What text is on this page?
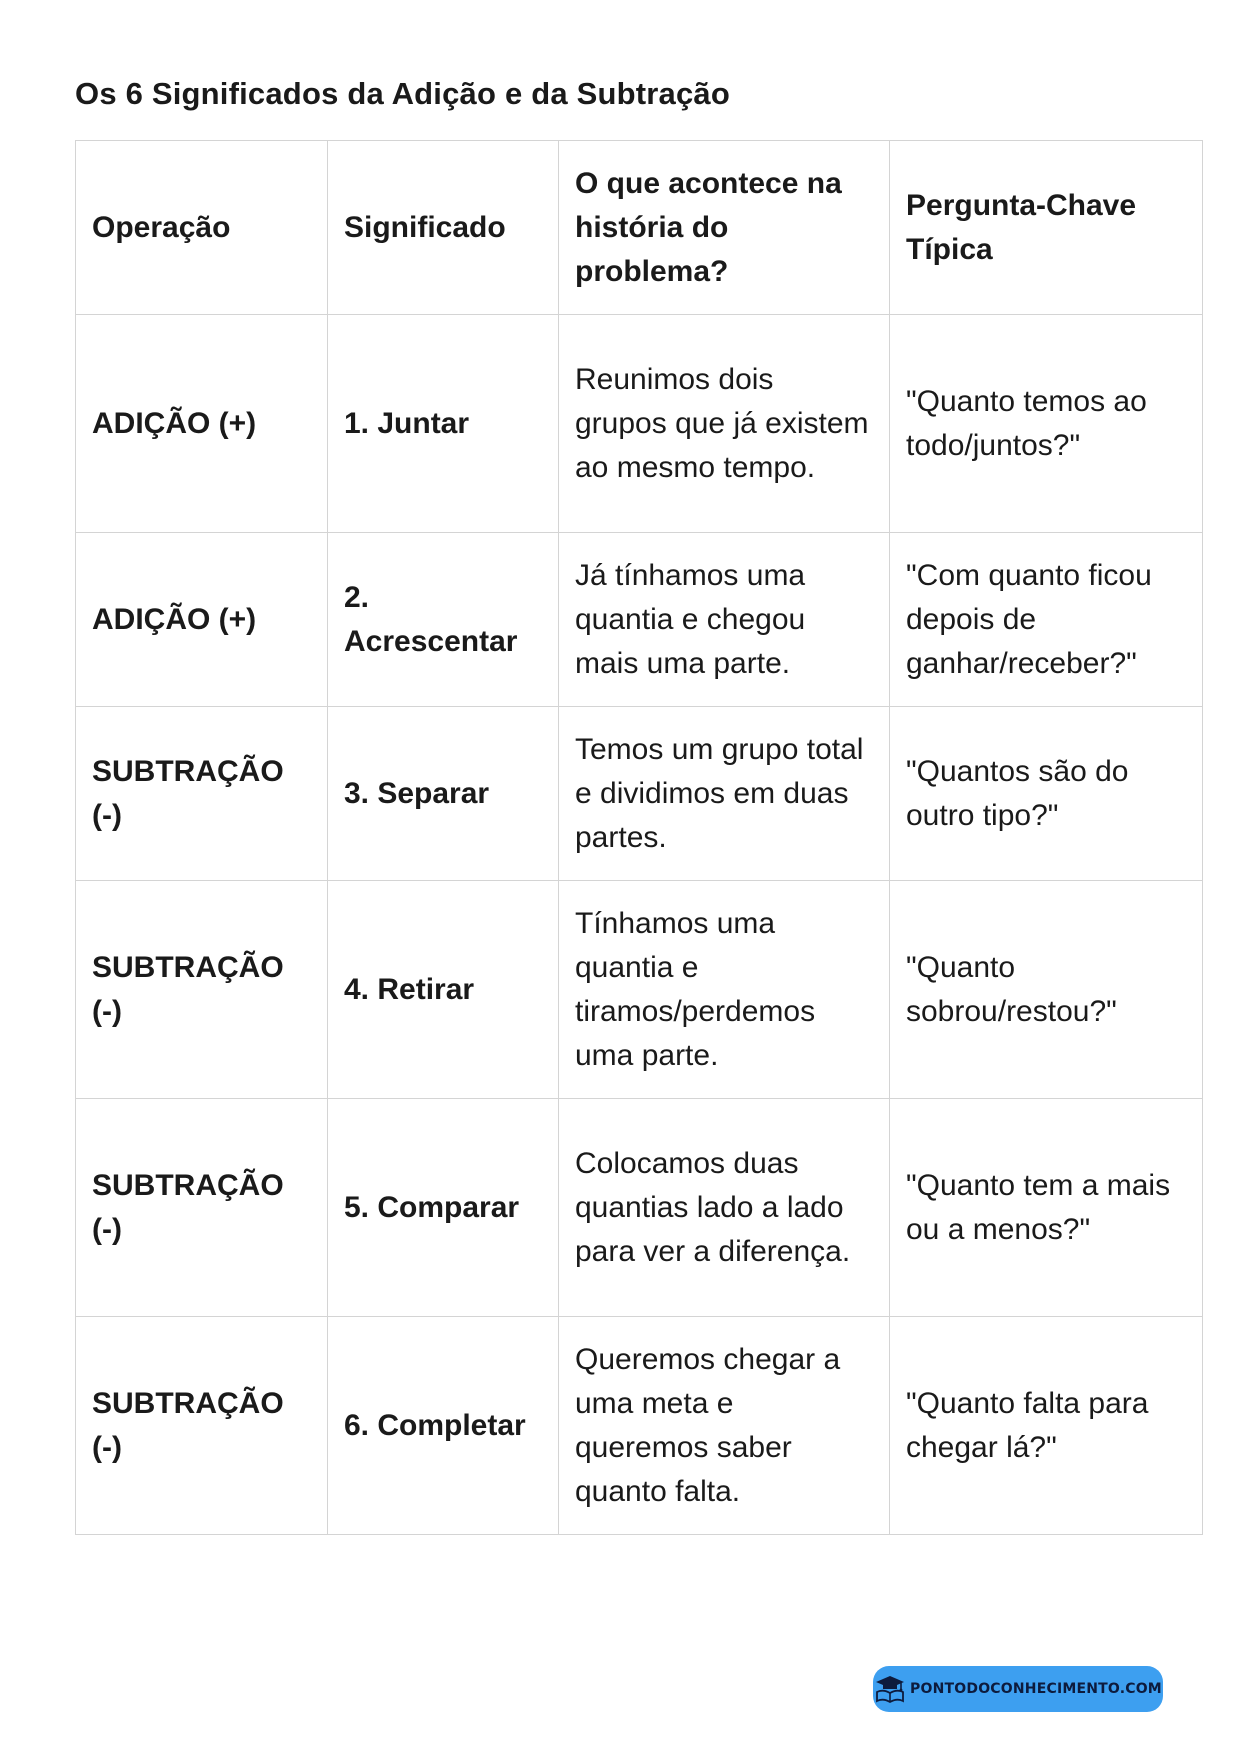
Os 6 Significados da Adição e da Subtração
Operação	Significado	O que acontece na história do problema?	Pergunta-Chave Típica
ADIÇÃO (+)	1. Juntar	Reunimos dois grupos que já existem ao mesmo tempo.	"Quanto temos ao todo/juntos?"
ADIÇÃO (+)	2. Acrescentar	Já tínhamos uma quantia e chegou mais uma parte.	"Com quanto ficou depois de ganhar/receber?"
SUBTRAÇÃO (-)	3. Separar	Temos um grupo total e dividimos em duas partes.	"Quantos são do outro tipo?"
SUBTRAÇÃO (-)	4. Retirar	Tínhamos uma quantia e tiramos/perdemos uma parte.	"Quanto sobrou/restou?"
SUBTRAÇÃO (-)	5. Comparar	Colocamos duas quantias lado a lado para ver a diferença.	"Quanto tem a mais ou a menos?"
SUBTRAÇÃO (-)	6. Completar	Queremos chegar a uma meta e queremos saber quanto falta.	"Quanto falta para chegar lá?"
PONTODOCONHECIMENTO.COM
